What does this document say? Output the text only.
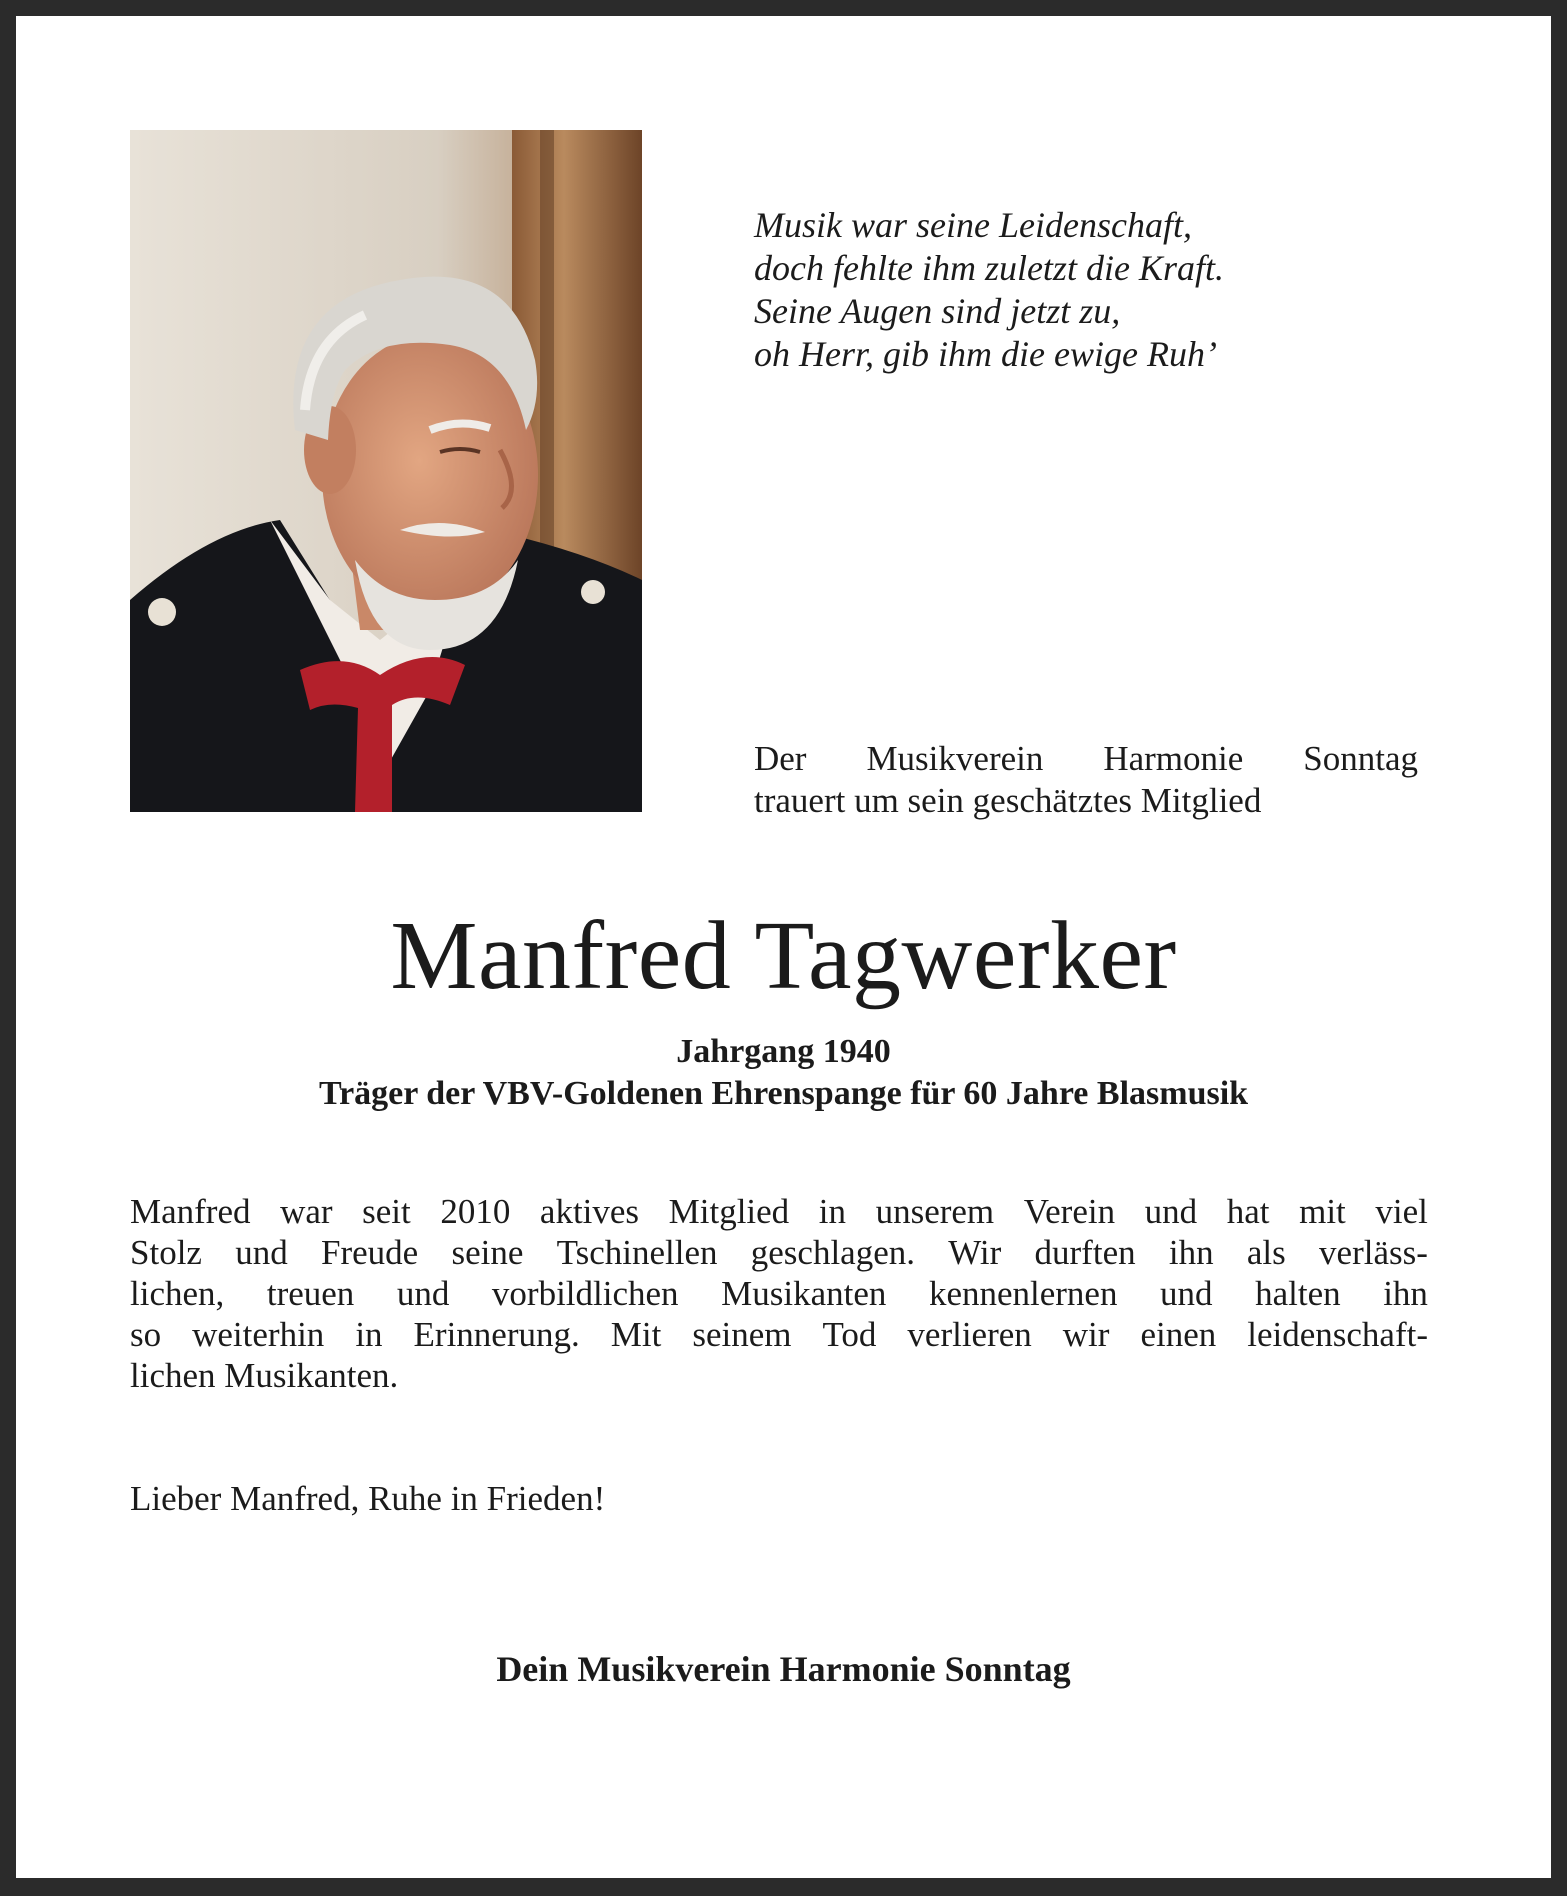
Musik war seine Leidenschaft,
doch fehlte ihm zuletzt die Kraft.
Seine Augen sind jetzt zu,
oh Herr, gib ihm die ewige Ruh’
Der Musikverein Harmonie Sonntag
trauert um sein geschätztes Mitglied
Manfred Tagwerker
Jahrgang 1940
Träger der VBV-Goldenen Ehrenspange für 60 Jahre Blasmusik
Manfred war seit 2010 aktives Mitglied in unserem Verein und hat mit viel
Stolz und Freude seine Tschinellen geschlagen. Wir durften ihn als verläss-
lichen, treuen und vorbildlichen Musikanten kennenlernen und halten ihn
so weiterhin in Erinnerung. Mit seinem Tod verlieren wir einen leidenschaft-
lichen Musikanten.
Lieber Manfred, Ruhe in Frieden!
Dein Musikverein Harmonie Sonntag
